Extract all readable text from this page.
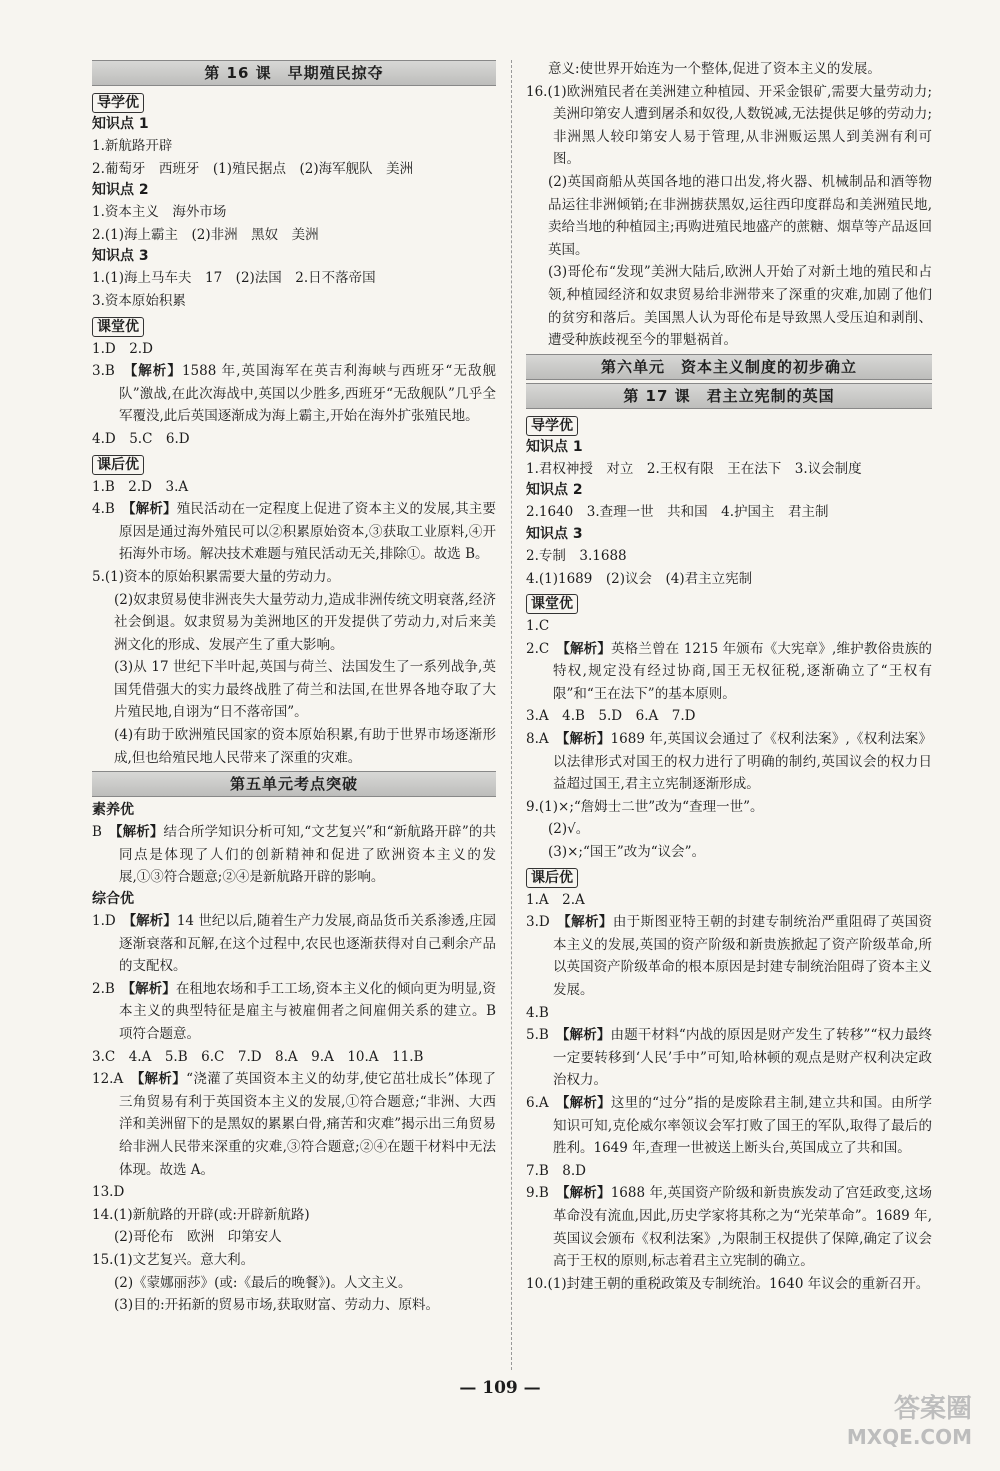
第 16 课　早期殖民掠夺
导学优
知识点 1

1.新航路开辟

2.葡萄牙　西班牙　(1)殖民据点　(2)海军舰队　美洲

知识点 2

1.资本主义　海外市场

2.(1)海上霸主　(2)非洲　黑奴　美洲

知识点 3

1.(1)海上马车夫　17　(2)法国　2.日不落帝国

3.资本原始积累

课堂优

1.D　2.D

3.B　【解析】1588 年,英国海军在英吉利海峡与西班牙“无敌舰队”激战,在此次海战中,英国以少胜多,西班牙“无敌舰队”几乎全军覆没,此后英国逐渐成为海上霸主,开始在海外扩张殖民地。

4.D　5.C　6.D

课后优

1.B　2.D　3.A

4.B　【解析】殖民活动在一定程度上促进了资本主义的发展,其主要原因是通过海外殖民可以②积累原始资本,③获取工业原料,④开拓海外市场。解决技术难题与殖民活动无关,排除①。故选 B。

5.(1)资本的原始积累需要大量的劳动力。

(2)奴隶贸易使非洲丧失大量劳动力,造成非洲传统文明衰落,经济社会倒退。奴隶贸易为美洲地区的开发提供了劳动力,对后来美洲文化的形成、发展产生了重大影响。

(3)从 17 世纪下半叶起,英国与荷兰、法国发生了一系列战争,英国凭借强大的实力最终战胜了荷兰和法国,在世界各地夺取了大片殖民地,自诩为“日不落帝国”。

(4)有助于欧洲殖民国家的资本原始积累,有助于世界市场逐渐形成,但也给殖民地人民带来了深重的灾难。

第五单元考点突破
素养优

B　【解析】结合所学知识分析可知,“文艺复兴”和“新航路开辟”的共同点是体现了人们的创新精神和促进了欧洲资本主义的发展,①③符合题意;②④是新航路开辟的影响。

综合优

1.D　【解析】14 世纪以后,随着生产力发展,商品货币关系渗透,庄园逐渐衰落和瓦解,在这个过程中,农民也逐渐获得对自己剩余产品的支配权。

2.B　【解析】在租地农场和手工工场,资本主义化的倾向更为明显,资本主义的典型特征是雇主与被雇佣者之间雇佣关系的建立。B 项符合题意。

3.C　4.A　5.B　6.C　7.D　8.A　9.A　10.A　11.B

12.A　【解析】“浇灌了英国资本主义的幼芽,使它茁壮成长”体现了三角贸易有利于英国资本主义的发展,①符合题意;“非洲、大西洋和美洲留下的是黑奴的累累白骨,痛苦和灾难”揭示出三角贸易给非洲人民带来深重的灾难,③符合题意;②④在题干材料中无法体现。故选 A。

13.D

14.(1)新航路的开辟(或:开辟新航路)

(2)哥伦布　欧洲　印第安人

15.(1)文艺复兴。意大利。

(2)《蒙娜丽莎》(或:《最后的晚餐》)。人文主义。

(3)目的:开拓新的贸易市场,获取财富、劳动力、原料。

意义:使世界开始连为一个整体,促进了资本主义的发展。

16.(1)欧洲殖民者在美洲建立种植园、开采金银矿,需要大量劳动力;美洲印第安人遭到屠杀和奴役,人数锐减,无法提供足够的劳动力;非洲黑人较印第安人易于管理,从非洲贩运黑人到美洲有利可图。

(2)英国商船从英国各地的港口出发,将火器、机械制品和酒等物品运往非洲倾销;在非洲掳获黑奴,运往西印度群岛和美洲殖民地,卖给当地的种植园主;再购进殖民地盛产的蔗糖、烟草等产品返回英国。

(3)哥伦布“发现”美洲大陆后,欧洲人开始了对新土地的殖民和占领,种植园经济和奴隶贸易给非洲带来了深重的灾难,加剧了他们的贫穷和落后。美国黑人认为哥伦布是导致黑人受压迫和剥削、遭受种族歧视至今的罪魁祸首。

第六单元　资本主义制度的初步确立
第 17 课　君主立宪制的英国
导学优
知识点 1

1.君权神授　对立　2.王权有限　王在法下　3.议会制度

知识点 2

2.1640　3.查理一世　共和国　4.护国主　君主制

知识点 3

2.专制　3.1688

4.(1)1689　(2)议会　(4)君主立宪制

课堂优

1.C

2.C　【解析】英格兰曾在 1215 年颁布《大宪章》,维护教俗贵族的特权,规定没有经过协商,国王无权征税,逐渐确立了“王权有限”和“王在法下”的基本原则。

3.A　4.B　5.D　6.A　7.D

8.A　【解析】1689 年,英国议会通过了《权利法案》,《权利法案》以法律形式对国王的权力进行了明确的制约,英国议会的权力日益超过国王,君主立宪制逐渐形成。

9.(1)×;“詹姆士二世”改为“查理一世”。

(2)√。

(3)×;“国王”改为“议会”。

课后优

1.A　2.A

3.D　【解析】由于斯图亚特王朝的封建专制统治严重阻碍了英国资本主义的发展,英国的资产阶级和新贵族掀起了资产阶级革命,所以英国资产阶级革命的根本原因是封建专制统治阻碍了资本主义发展。

4.B

5.B　【解析】由题干材料“内战的原因是财产发生了转移”“权力最终一定要转移到‘人民’手中”可知,哈林顿的观点是财产权利决定政治权力。

6.A　【解析】这里的“过分”指的是废除君主制,建立共和国。由所学知识可知,克伦威尔率领议会军打败了国王的军队,取得了最后的胜利。1649 年,查理一世被送上断头台,英国成立了共和国。

7.B　8.D

9.B　【解析】1688 年,英国资产阶级和新贵族发动了宫廷政变,这场革命没有流血,因此,历史学家将其称之为“光荣革命”。1689 年,英国议会颁布《权利法案》,为限制王权提供了保障,确定了议会高于王权的原则,标志着君主立宪制的确立。

10.(1)封建王朝的重税政策及专制统治。1640 年议会的重新召开。

— 109 —
答案圈
MXQE.COM
